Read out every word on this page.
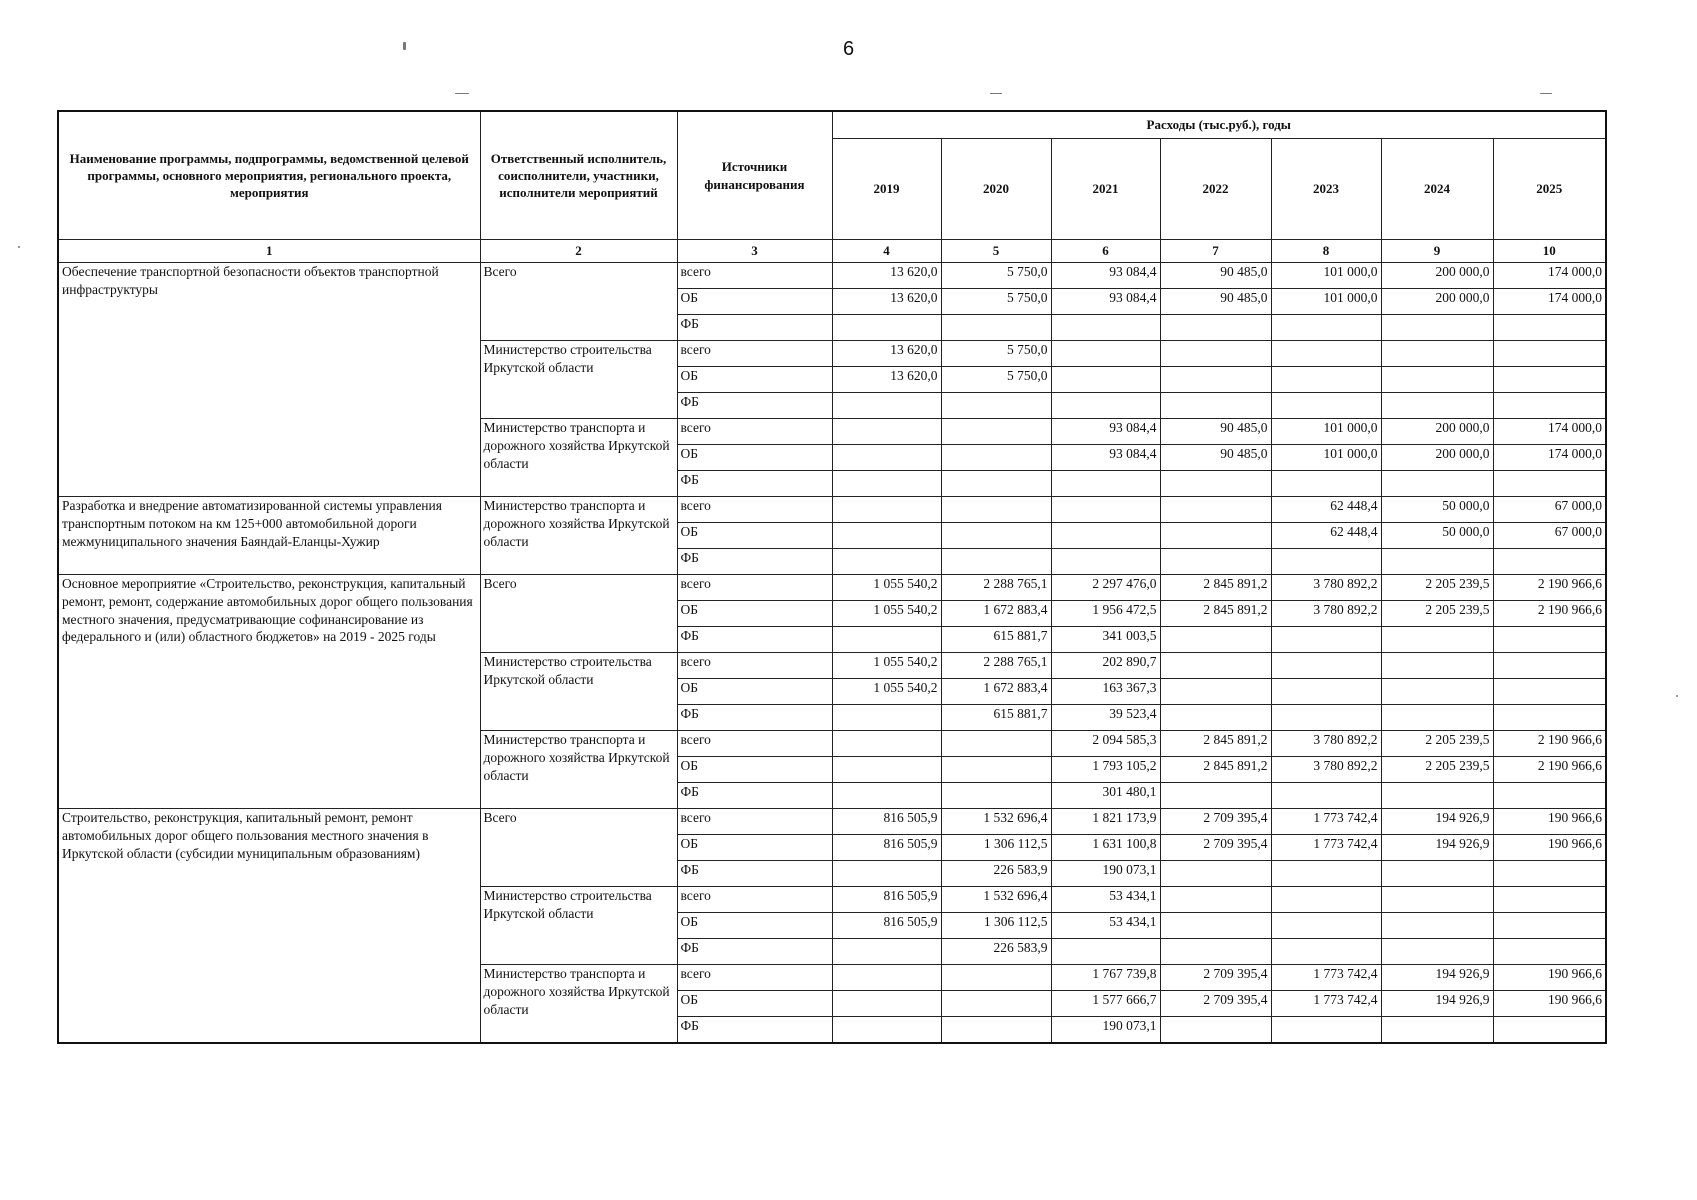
6
Наименование программы, подпрограммы, ведомственной целевой программы, основного мероприятия, регионального проекта, мероприятия	Ответственный исполнитель, соисполнители, участники, исполнители мероприятий	Источники финансирования	Расходы (тыс.руб.), годы						
			2019	2020	2021	2022	2023	2024	2025
1	2	3	4	5	6	7	8	9	10
Обеспечение транспортной безопасности объектов транспортной инфраструктуры	Всего	всего	13 620,0	5 750,0	93 084,4	90 485,0	101 000,0	200 000,0	174 000,0
		ОБ	13 620,0	5 750,0	93 084,4	90 485,0	101 000,0	200 000,0	174 000,0
		ФБ							
	Министерство строительства Иркутской области	всего	13 620,0	5 750,0					
		ОБ	13 620,0	5 750,0					
		ФБ							
	Министерство транспорта и дорожного хозяйства Иркутской области	всего			93 084,4	90 485,0	101 000,0	200 000,0	174 000,0
		ОБ			93 084,4	90 485,0	101 000,0	200 000,0	174 000,0
		ФБ							
Разработка и внедрение автоматизированной системы управления транспортным потоком на км 125+000 автомобильной дороги межмуниципального значения Баяндай-Еланцы-Хужир	Министерство транспорта и дорожного хозяйства Иркутской области	всего					62 448,4	50 000,0	67 000,0
		ОБ					62 448,4	50 000,0	67 000,0
		ФБ							
Основное мероприятие «Строительство, реконструкция, капитальный ремонт, ремонт, содержание автомобильных дорог общего пользования местного значения, предусматривающие софинансирование из федерального и (или) областного бюджетов» на 2019 - 2025 годы	Всего	всего	1 055 540,2	2 288 765,1	2 297 476,0	2 845 891,2	3 780 892,2	2 205 239,5	2 190 966,6
		ОБ	1 055 540,2	1 672 883,4	1 956 472,5	2 845 891,2	3 780 892,2	2 205 239,5	2 190 966,6
		ФБ		615 881,7	341 003,5				
	Министерство строительства Иркутской области	всего	1 055 540,2	2 288 765,1	202 890,7				
		ОБ	1 055 540,2	1 672 883,4	163 367,3				
		ФБ		615 881,7	39 523,4				
	Министерство транспорта и дорожного хозяйства Иркутской области	всего			2 094 585,3	2 845 891,2	3 780 892,2	2 205 239,5	2 190 966,6
		ОБ			1 793 105,2	2 845 891,2	3 780 892,2	2 205 239,5	2 190 966,6
		ФБ			301 480,1				
Строительство, реконструкция, капитальный ремонт, ремонт автомобильных дорог общего пользования местного значения в Иркутской области (субсидии муниципальным образованиям)	Всего	всего	816 505,9	1 532 696,4	1 821 173,9	2 709 395,4	1 773 742,4	194 926,9	190 966,6
		ОБ	816 505,9	1 306 112,5	1 631 100,8	2 709 395,4	1 773 742,4	194 926,9	190 966,6
		ФБ		226 583,9	190 073,1				
	Министерство строительства Иркутской области	всего	816 505,9	1 532 696,4	53 434,1				
		ОБ	816 505,9	1 306 112,5	53 434,1				
		ФБ		226 583,9					
	Министерство транспорта и дорожного хозяйства Иркутской области	всего			1 767 739,8	2 709 395,4	1 773 742,4	194 926,9	190 966,6
		ОБ			1 577 666,7	2 709 395,4	1 773 742,4	194 926,9	190 966,6
		ФБ			190 073,1				
